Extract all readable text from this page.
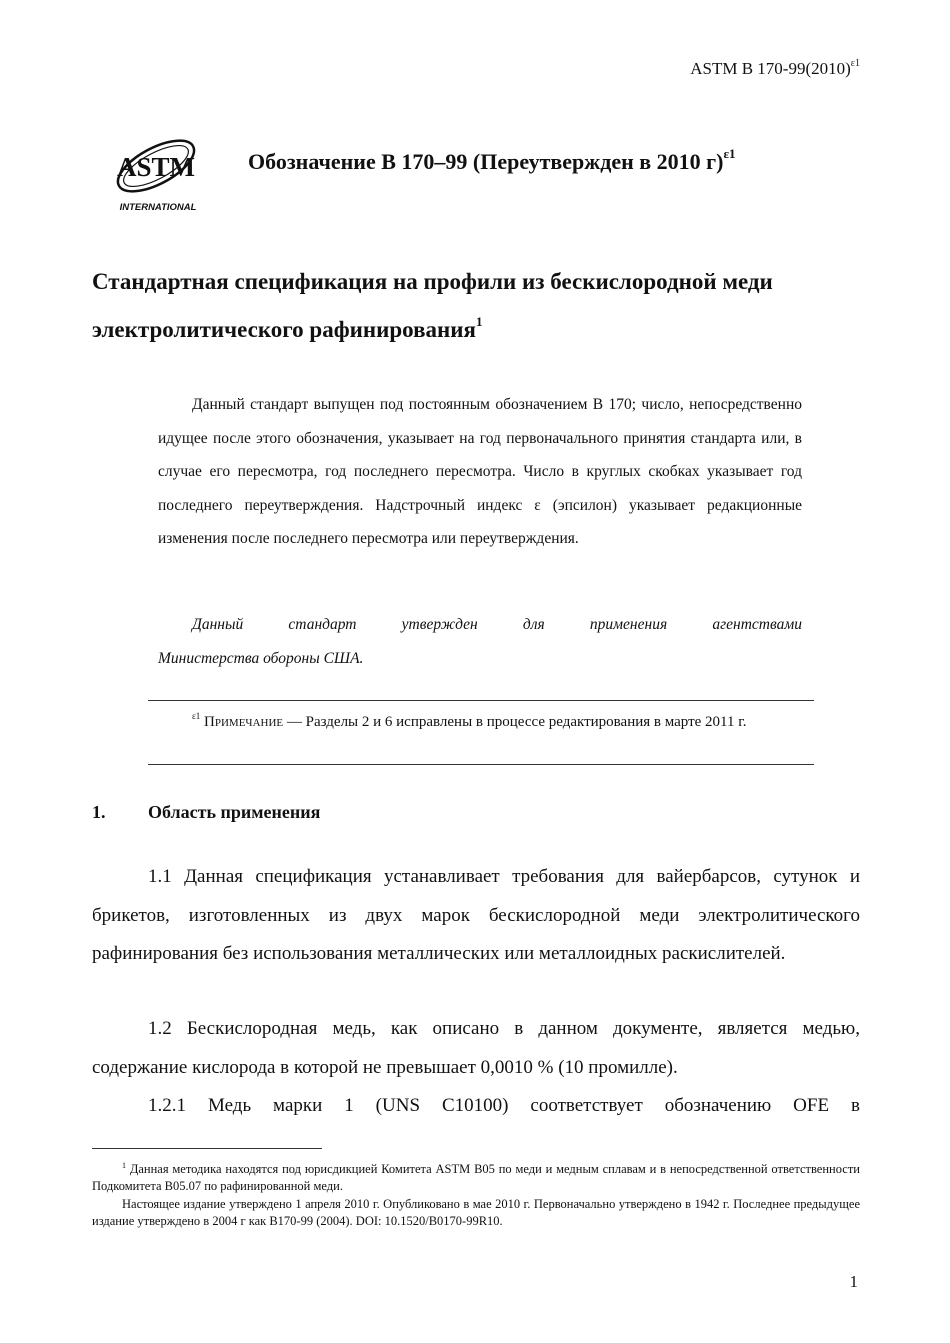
ASTM B $170-99(2010)^{\varepsilon 1}$
ASTM
INTERNATIONAL
Обозначение B 170–99 (Переутвержден в 2010 г)$^{\varepsilon 1}$
Стандартная спецификация на профили из бескислородной меди электролитического рафинирования$^1$
Данный стандарт выпущен под постоянным обозначением B 170; число, непосредственно идущее после этого обозначения, указывает на год первоначального принятия стандарта или, в случае его пересмотра, год последнего пересмотра. Число в круглых скобках указывает год последнего переутверждения. Надстрочный индекс ε (эпсилон) указывает редакционные изменения после последнего пересмотра или переутверждения.
Данный стандарт утвержден для применения агентствами
Министерства обороны США.
$^{\varepsilon 1}$ Примечание — Разделы 2 и 6 исправлены в процессе редактирования в марте 2011 г.
1. Область применения
1.1 Данная спецификация устанавливает требования для вайербарсов, сутунок и брикетов, изготовленных из двух марок бескислородной меди электролитического рафинирования без использования металлических или металлоидных раскислителей.
1.2 Бескислородная медь, как описано в данном документе, является медью, содержание кислорода в которой не превышает 0,0010 % (10 промилле).
1.2.1 Медь марки 1 (UNS C10100) соответствует обозначению OFE в
$^1$ Данная методика находятся под юрисдикцией Комитета ASTM B05 по меди и медным сплавам и в непосредственной ответственности Подкомитета B05.07 по рафинированной меди.
Настоящее издание утверждено 1 апреля 2010 г. Опубликовано в мае 2010 г. Первоначально утверждено в 1942 г. Последнее предыдущее издание утверждено в 2004 г как B170-99 (2004). DOI: 10.1520/B0170-99R10.
1
